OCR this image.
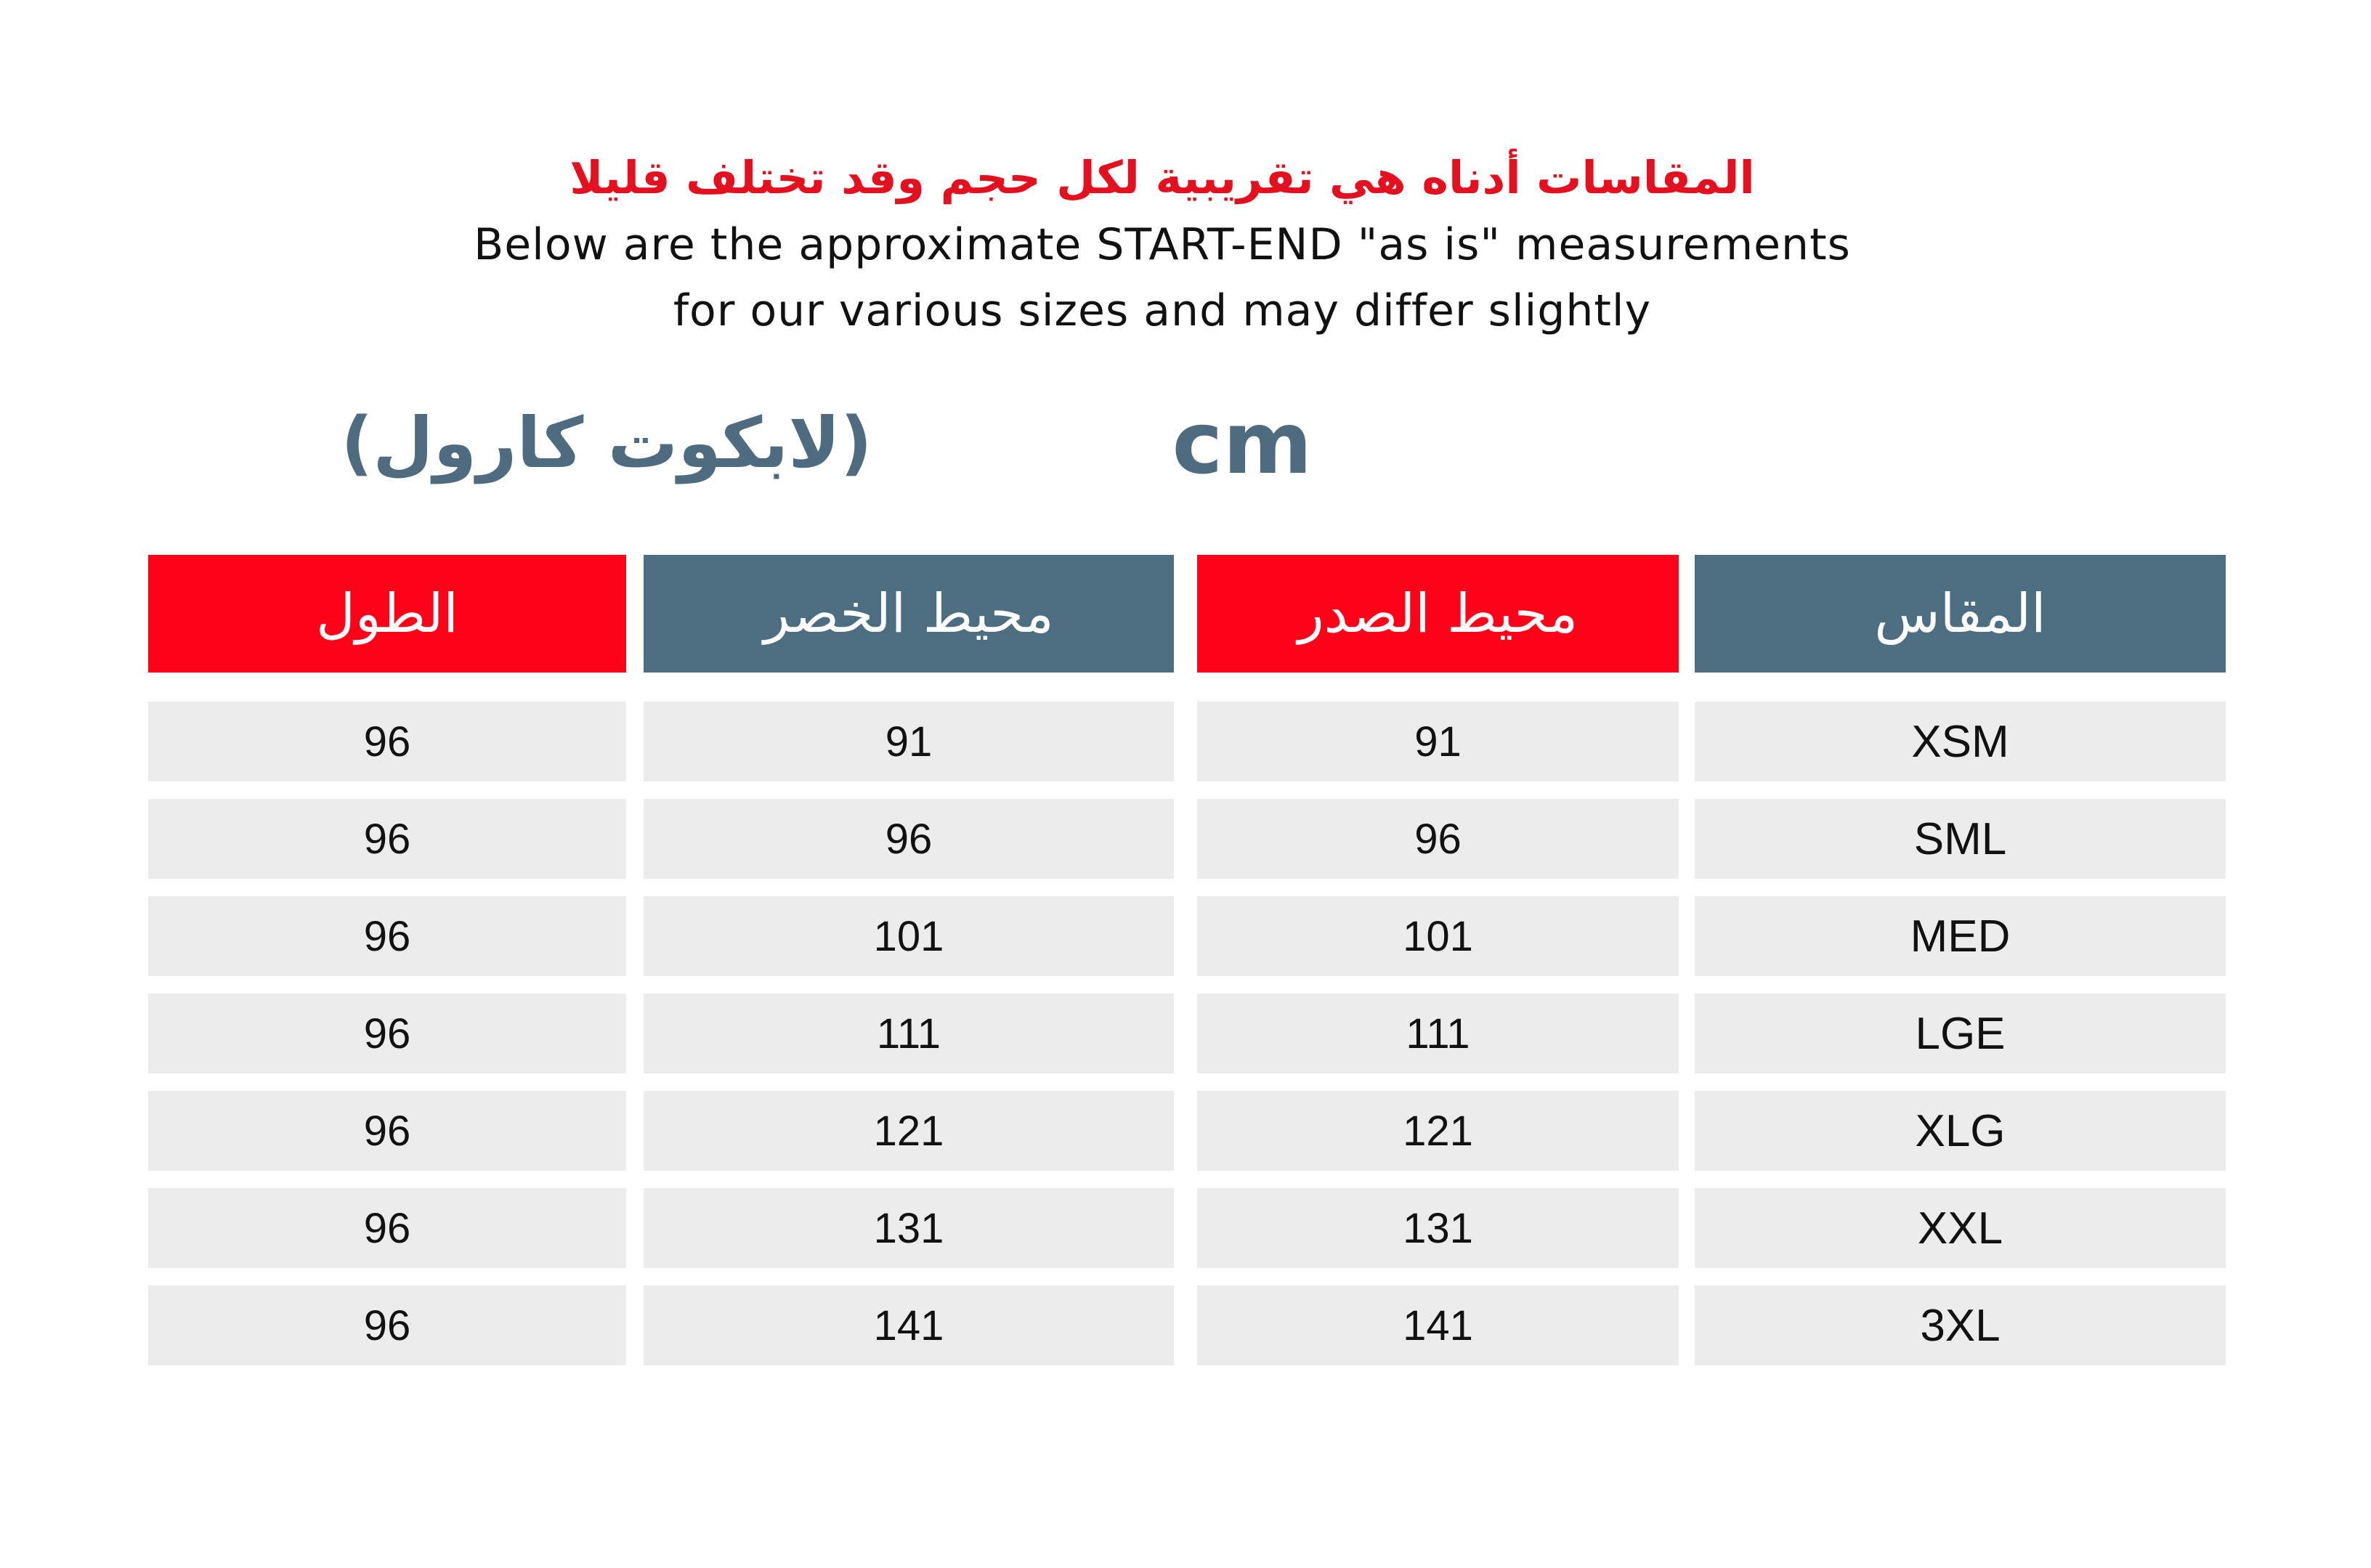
المقاسات أدناه هي تقريبية لكل حجم وقد تختلف قليلا
Below are the approximate START-END "as is" measurements
for our various sizes and may differ slightly
(لابكوت كارول)	cm
الطول
96
96
96
96
96
96
96
محيط الخصر
91
96
101
111
121
131
141
محيط الصدر
91
96
101
111
121
131
141
المقاس
XSM
SML
MED
LGE
XLG
XXL
3XL
